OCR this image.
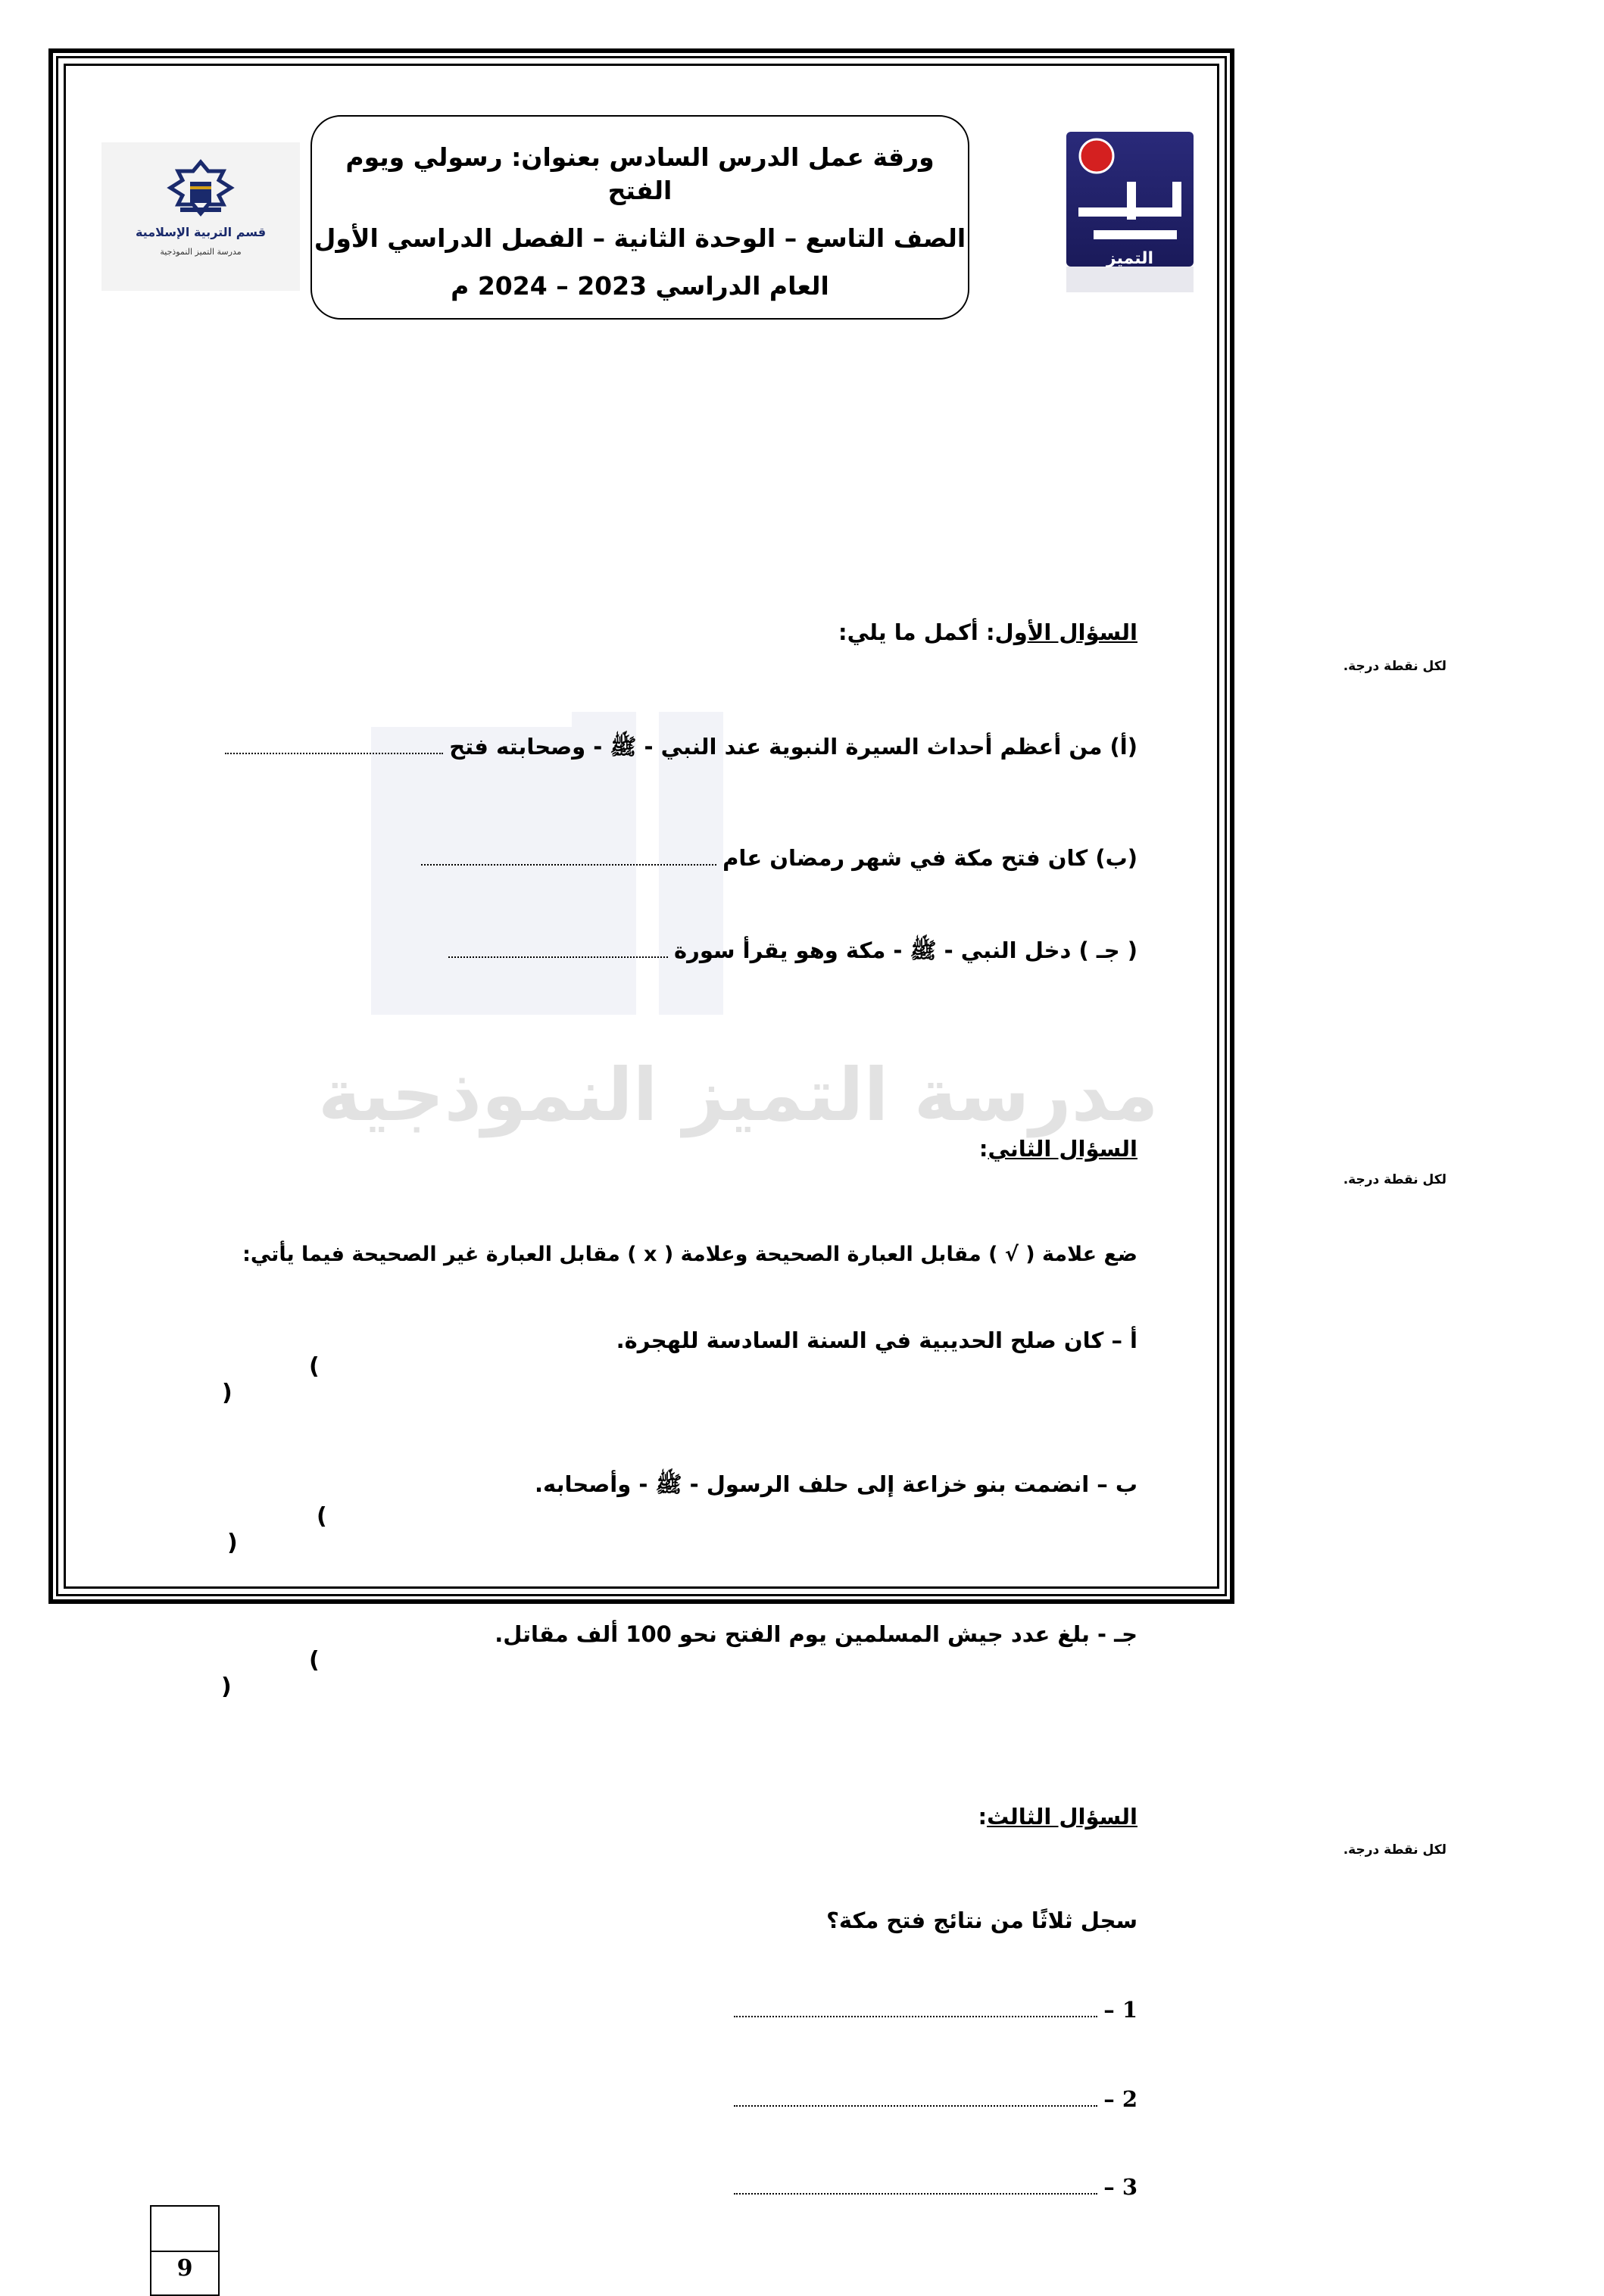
مدرسة التميز النموذجية
قسم التربية الإسلامية
مدرسة التميز النموذجية	التميز
ورقة عمل الدرس السادس بعنوان: رسولي ويوم الفتح
الصف التاسع – الوحدة الثانية – الفصل الدراسي الأول
العام الدراسي 2023 – 2024 م
السؤال الأول: أكمل ما يلي:
لكل نقطة درجة.
(أ) من أعظم أحداث السيرة النبوية عند النبي - ﷺ - وصحابته فتح
(ب) كان فتح مكة في شهر رمضان عام
( جـ ) دخل النبي - ﷺ - مكة وهو يقرأ سورة
السؤال الثاني:
لكل نقطة درجة.
ضع علامة ( √ ) مقابل العبارة الصحيحة وعلامة ( x ) مقابل العبارة غير الصحيحة فيما يأتي:
أ – كان صلح الحديبية في السنة السادسة للهجرة.
(
)
ب – انضمت بنو خزاعة إلى حلف الرسول - ﷺ - وأصحابه.
(
)
جـ - بلغ عدد جيش المسلمين يوم الفتح نحو 100 ألف مقاتل.
(
)
السؤال الثالث:
لكل نقطة درجة.
سجل ثلاثًا من نتائج فتح مكة؟
1 –
2 –
3 –
9
